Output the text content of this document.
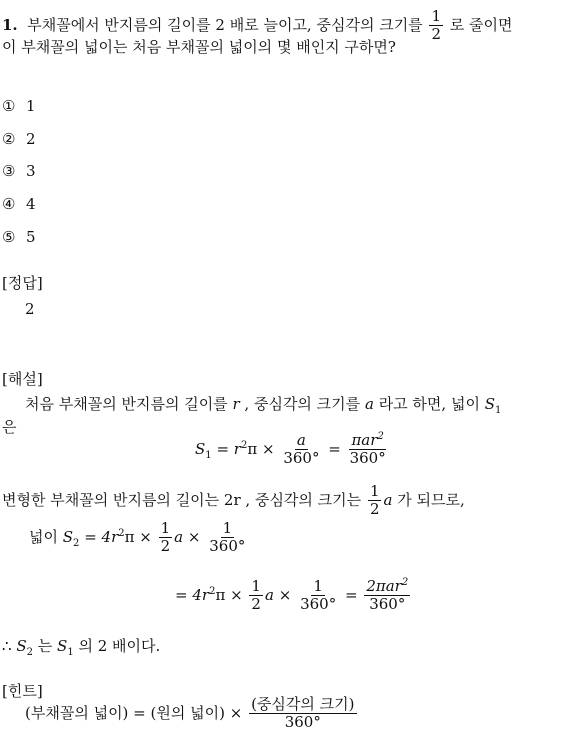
1. 부채꼴에서 반지름의 길이를 2 배로 늘이고, 중심각의 크기를 $\frac{1}{2}$ 로 줄이면
이 부채꼴의 넓이는 처음 부채꼴의 넓이의 몇 배인지 구하면?
① 1
② 2
③ 3
④ 4
⑤ 5
[정답]
2
[해설]
처음 부채꼴의 반지름의 길이를 r , 중심각의 크기를 a 라고 하면, 넓이 $S_1$
은
$S_1 = r^2\pi \times \frac{a}{360^\circ} = \frac{\pi ar^2}{360^\circ}$
변형한 부채꼴의 반지름의 길이는 2r , 중심각의 크기는 $\frac{1}{2}$ a 가 되므로,
넓이 $S_2 = 4r^2\pi \times \frac{1}{2}$ $a \times \frac{1}{360^\circ}$
= $4r^2\pi \times \frac{1}{2}$ $a \times \frac{1}{360^\circ} = \frac{2\pi ar^2}{360^\circ}$
∴ $S_2$ 는 $S_1$ 의 2 배이다.
[힌트]
(부채꼴의 넓이) = (원의 넓이) × $\frac{\text{(중심각의 크기)}}{360^\circ}$
